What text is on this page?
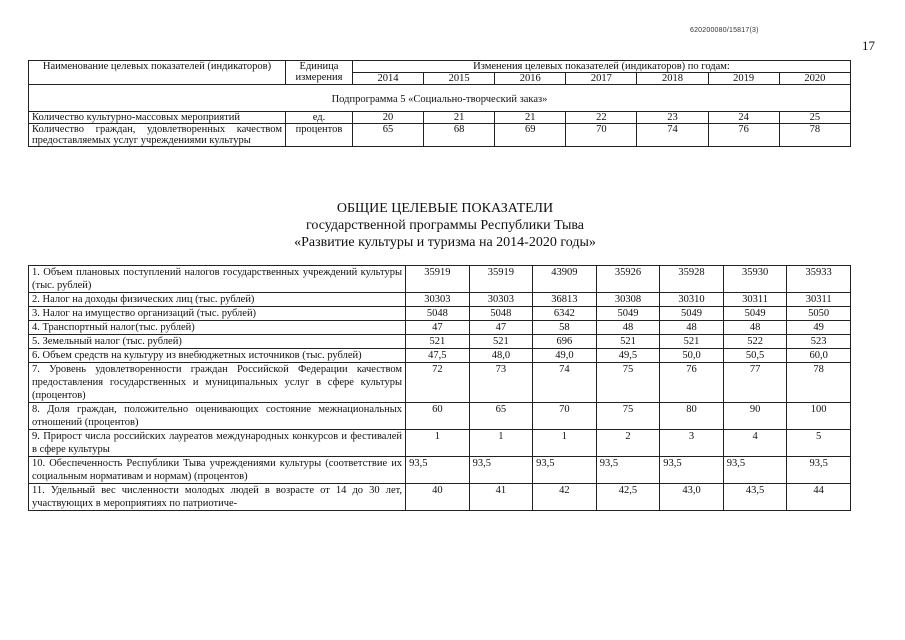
620200080/15817(3)
17
Наименование целевых показателей (индикаторов)	Единица измерения	Изменения целевых показателей (индикаторов) по годам:						
		2014	2015	2016	2017	2018	2019	2020
Подпрограмма 5 «Социально-творческий заказ»								
Количество культурно-массовых мероприятий	ед.	20	21	21	22	23	24	25
Количество граждан, удовлетворенных качеством предоставляемых услуг учреждениями культуры	процентов	65	68	69	70	74	76	78
ОБЩИЕ ЦЕЛЕВЫЕ ПОКАЗАТЕЛИ
государственной программы Республики Тыва
«Развитие культуры и туризма на 2014-2020 годы»
1. Объем плановых поступлений налогов государственных учреждений культуры (тыс. рублей)	35919	35919	43909	35926	35928	35930	35933
2. Налог на доходы физических лиц (тыс. рублей)	30303	30303	36813	30308	30310	30311	30311
3. Налог на имущество организаций (тыс. рублей)	5048	5048	6342	5049	5049	5049	5050
4. Транспортный налог(тыс. рублей)	47	47	58	48	48	48	49
5. Земельный налог (тыс. рублей)	521	521	696	521	521	522	523
6. Объем средств на культуру из внебюджетных источников (тыс. рублей)	47,5	48,0	49,0	49,5	50,0	50,5	60,0
7. Уровень удовлетворенности граждан Российской Федерации качеством предоставления государственных и муниципальных услуг в сфере культуры (процентов)	72	73	74	75	76	77	78
8. Доля граждан, положительно оценивающих состояние межнациональных отношений (процентов)	60	65	70	75	80	90	100
9. Прирост числа российских лауреатов международных конкурсов и фестивалей в сфере культуры	1	1	1	2	3	4	5
10. Обеспеченность Республики Тыва учреждениями культуры (соответствие их социальным нормативам и нормам) (процентов)	93,5	93,5	93,5	93,5	93,5	93,5	93,5
11. Удельный вес численности молодых людей в возрасте от 14 до 30 лет, участвующих в мероприятиях по патриотиче-	40	41	42	42,5	43,0	43,5	44
